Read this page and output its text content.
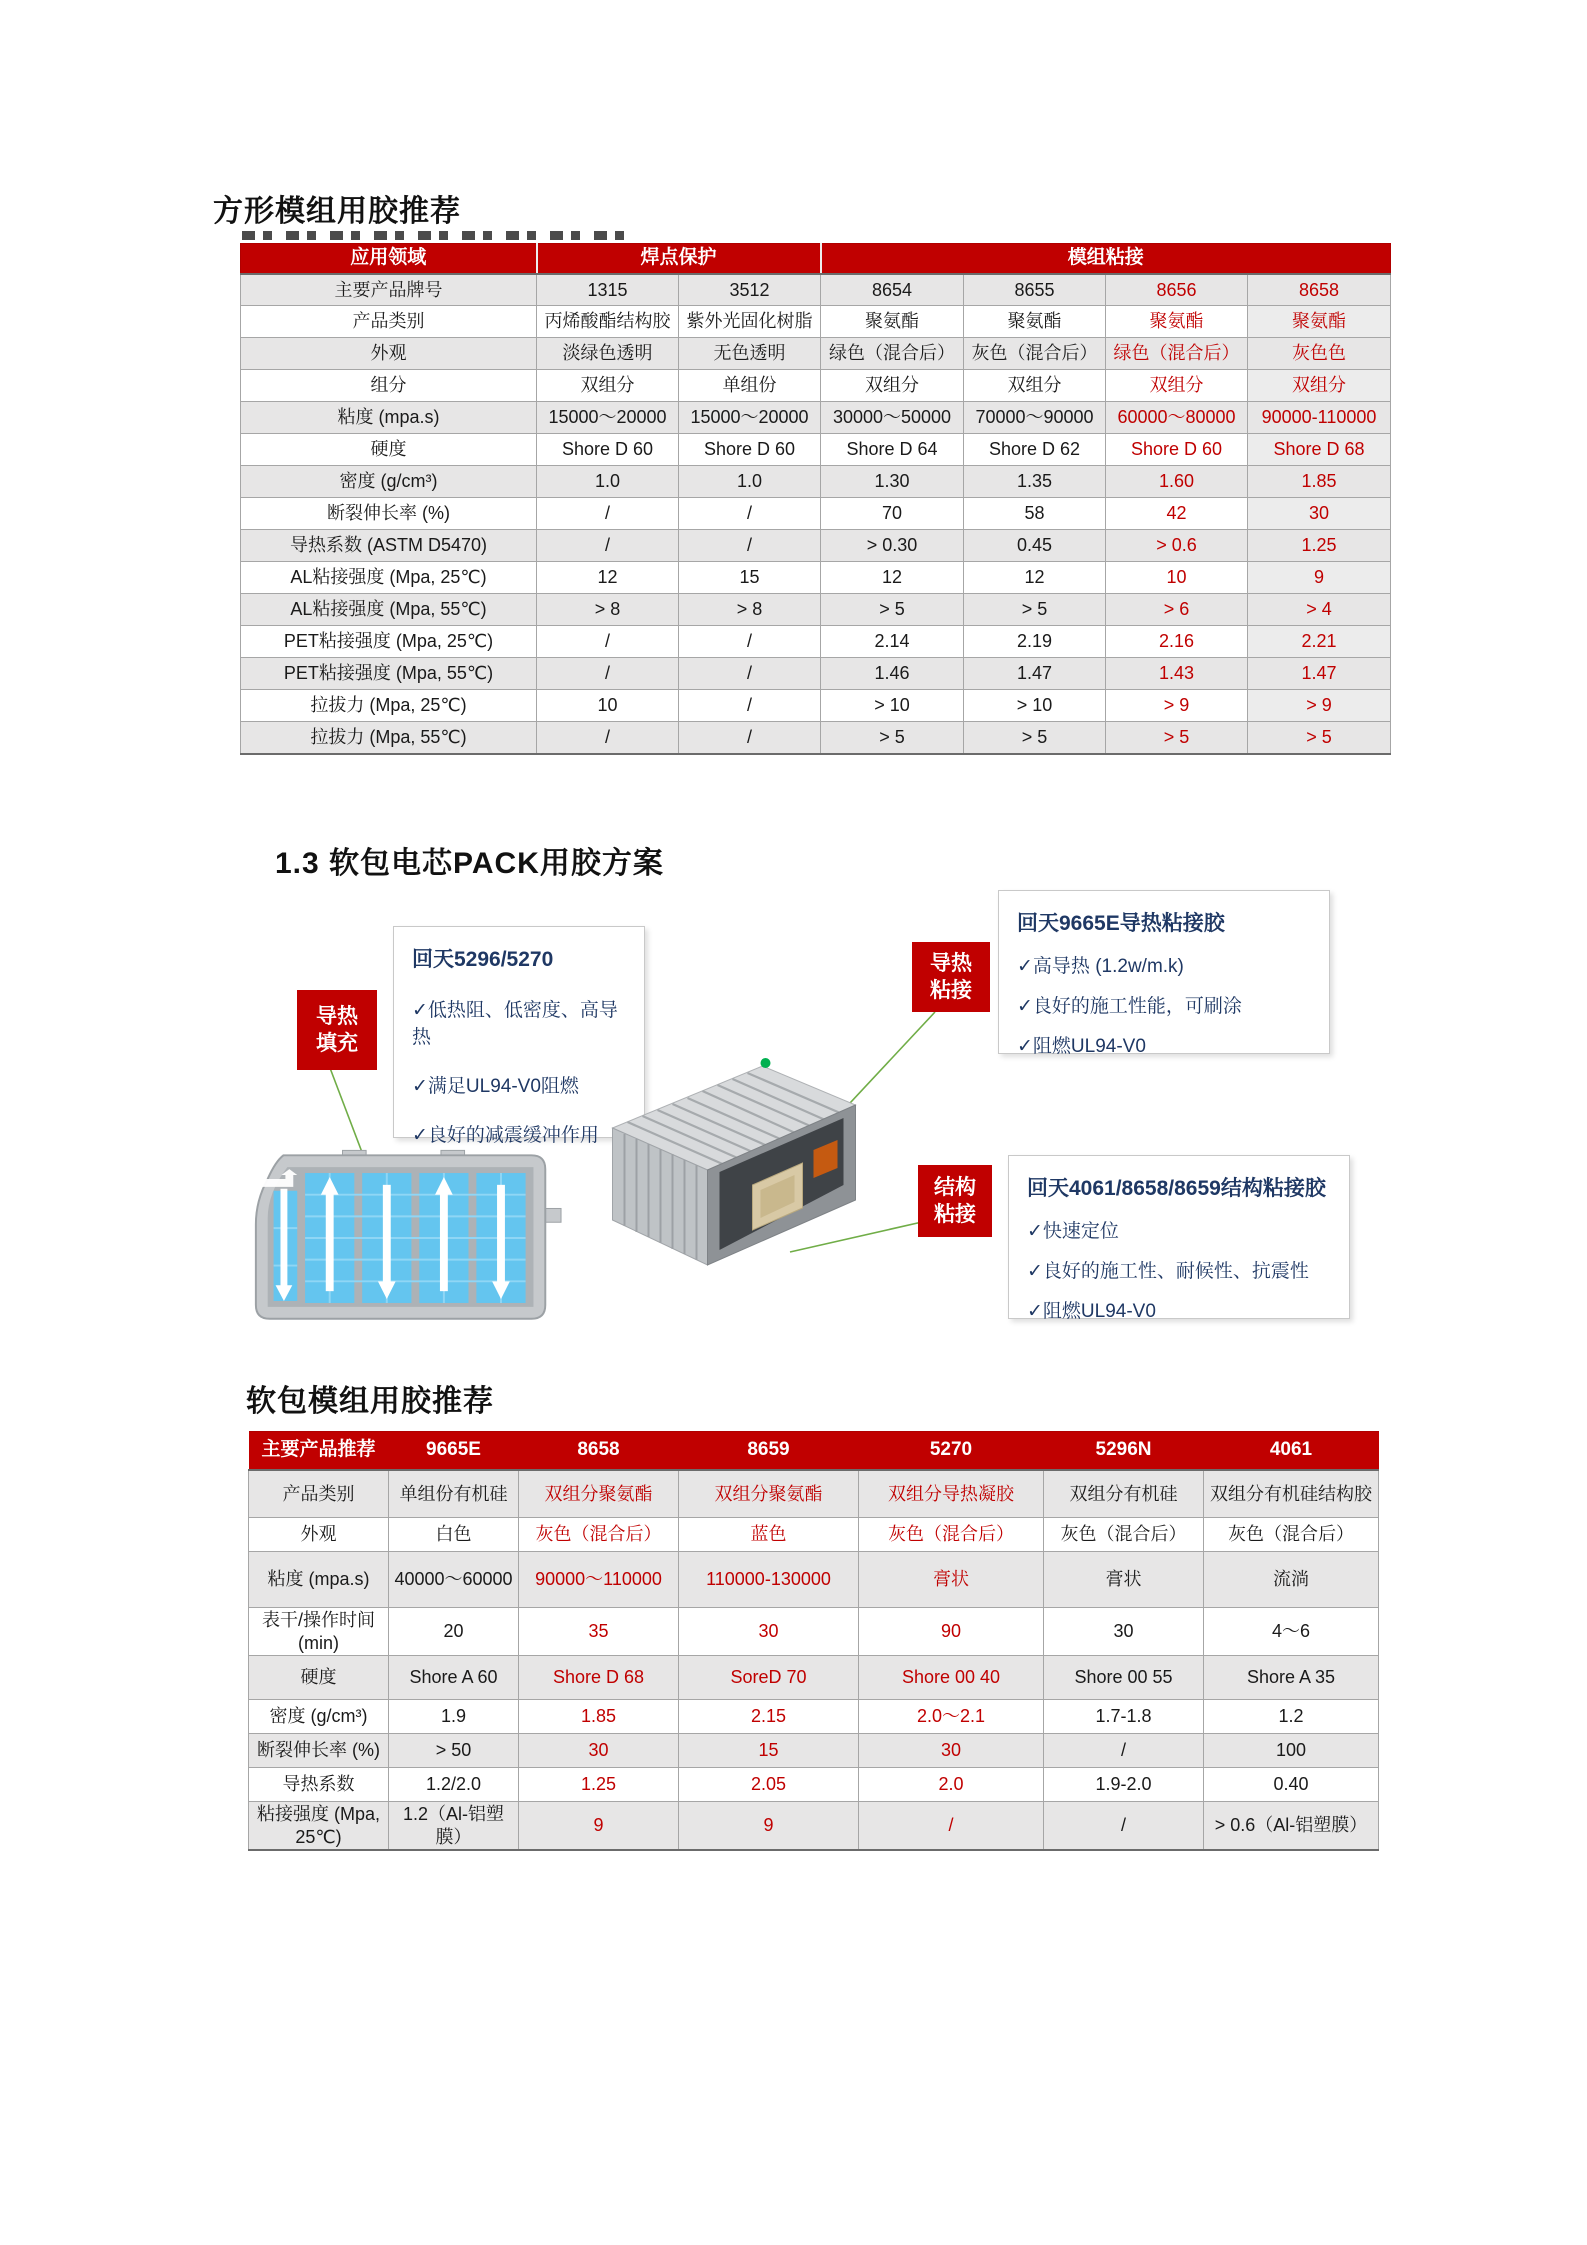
方形模组用胶推荐
应用领域	焊点保护		模组粘接			
主要产品牌号	1315	3512	8654	8655	8656	8658
产品类别	丙烯酸酯结构胶	紫外光固化树脂	聚氨酯	聚氨酯	聚氨酯	聚氨酯
外观	淡绿色透明	无色透明	绿色（混合后）	灰色（混合后）	绿色（混合后）	灰色色
组分	双组分	单组份	双组分	双组分	双组分	双组分
粘度 (mpa.s)	15000～20000	15000～20000	30000～50000	70000～90000	60000～80000	90000-110000
硬度	Shore D 60	Shore D 60	Shore D 64	Shore D 62	Shore D 60	Shore D 68
密度 (g/cm³)	1.0	1.0	1.30	1.35	1.60	1.85
断裂伸长率 (%)	/	/	70	58	42	30
导热系数 (ASTM D5470)	/	/	> 0.30	0.45	> 0.6	1.25
AL粘接强度 (Mpa, 25℃)	12	15	12	12	10	9
AL粘接强度 (Mpa, 55℃)	> 8	> 8	> 5	> 5	> 6	> 4
PET粘接强度 (Mpa, 25℃)	/	/	2.14	2.19	2.16	2.21
PET粘接强度 (Mpa, 55℃)	/	/	1.46	1.47	1.43	1.47
拉拔力 (Mpa, 25℃)	10	/	> 10	> 10	> 9	> 9
拉拔力 (Mpa, 55℃)	/	/	> 5	> 5	> 5	> 5
1.3 软包电芯PACK用胶方案
导热
填充
导热
粘接
结构
粘接
回天5296/5270
✓低热阻、低密度、高导热
✓满足UL94-V0阻燃
✓良好的减震缓冲作用
回天9665E导热粘接胶
✓高导热 (1.2w/m.k)
✓良好的施工性能，可刷涂
✓阻燃UL94-V0
回天4061/8658/8659结构粘接胶
✓快速定位
✓良好的施工性、耐候性、抗震性
✓阻燃UL94-V0
软包模组用胶推荐
主要产品推荐	9665E	8658	8659	5270	5296N	4061
产品类别	单组份有机硅	双组分聚氨酯	双组分聚氨酯	双组分导热凝胶	双组分有机硅	双组分有机硅结构胶
外观	白色	灰色（混合后）	蓝色	灰色（混合后）	灰色（混合后）	灰色（混合后）
粘度 (mpa.s)	40000～60000	90000～110000	110000-130000	膏状	膏状	流淌
表干/操作时间 (min)	20	35	30	90	30	4～6
硬度	Shore A 60	Shore D 68	SoreD 70	Shore 00 40	Shore 00 55	Shore A 35
密度 (g/cm³)	1.9	1.85	2.15	2.0～2.1	1.7-1.8	1.2
断裂伸长率 (%)	> 50	30	15	30	/	100
导热系数	1.2/2.0	1.25	2.05	2.0	1.9-2.0	0.40
粘接强度 (Mpa, 25℃)	1.2（Al-铝塑膜）	9	9	/	/	> 0.6（Al-铝塑膜）
